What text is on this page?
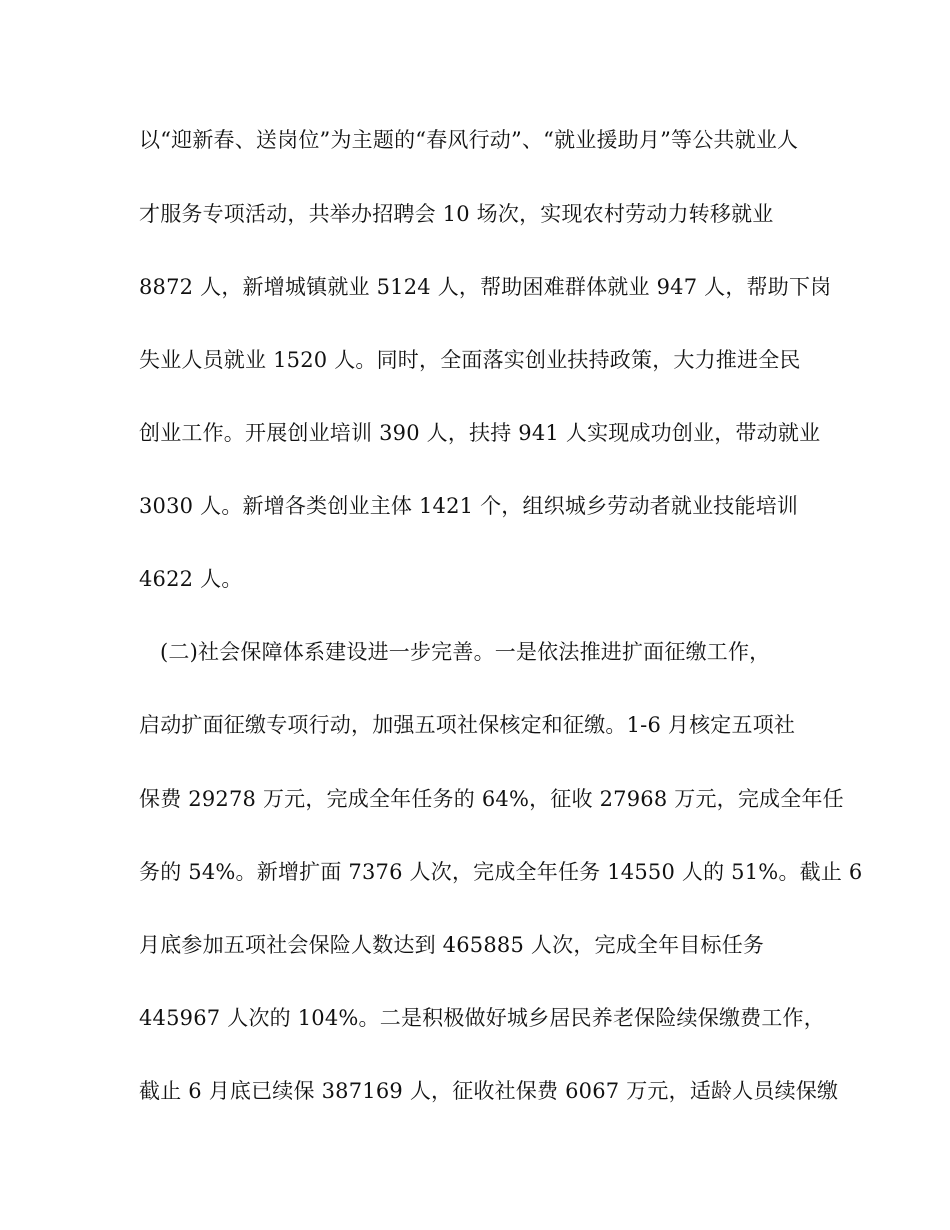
以“迎新春、送岗位”为主题的“春风行动”、“就业援助月”等公共就业人
才服务专项活动，共举办招聘会 10 场次，实现农村劳动力转移就业
8872 人，新增城镇就业 5124 人，帮助困难群体就业 947 人，帮助下岗
失业人员就业 1520 人。同时，全面落实创业扶持政策，大力推进全民
创业工作。开展创业培训 390 人，扶持 941 人实现成功创业，带动就业
3030 人。新增各类创业主体 1421 个，组织城乡劳动者就业技能培训
4622 人。
(二)社会保障体系建设进一步完善。一是依法推进扩面征缴工作，
启动扩面征缴专项行动，加强五项社保核定和征缴。1-6 月核定五项社
保费 29278 万元，完成全年任务的 64%，征收 27968 万元，完成全年任
务的 54%。新增扩面 7376 人次，完成全年任务 14550 人的 51%。截止 6
月底参加五项社会保险人数达到 465885 人次，完成全年目标任务
445967 人次的 104%。二是积极做好城乡居民养老保险续保缴费工作，
截止 6 月底已续保 387169 人，征收社保费 6067 万元，适龄人员续保缴
